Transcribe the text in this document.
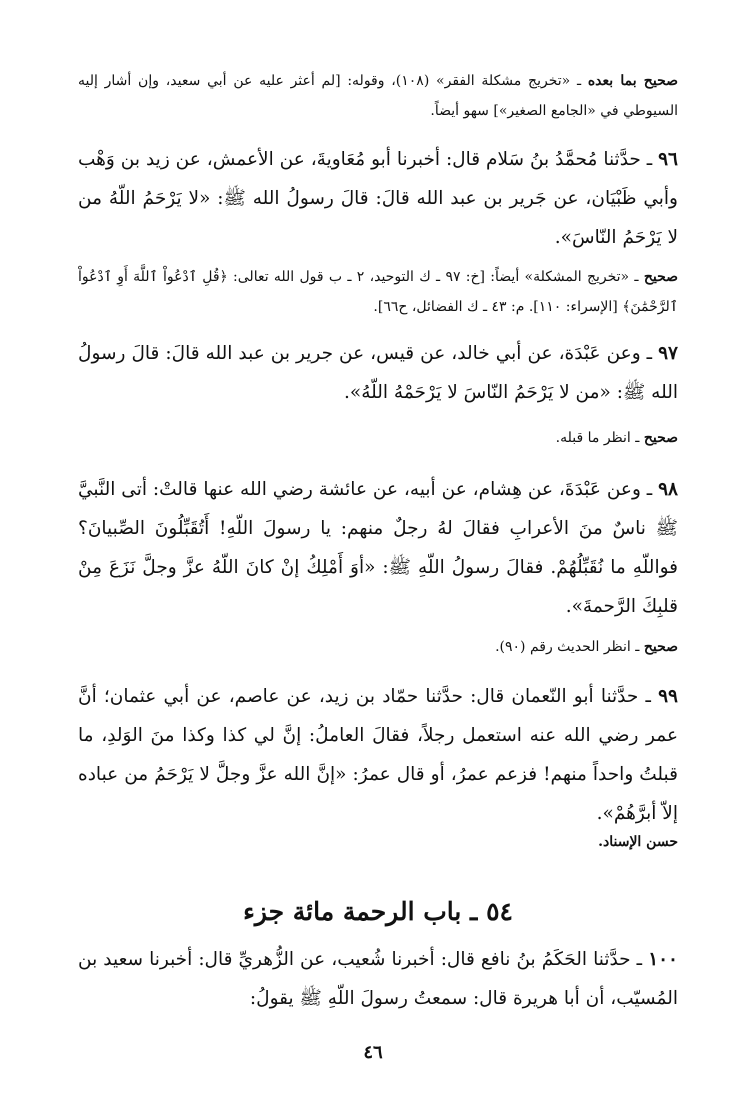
صحيح بما بعده ـ «تخريج مشكلة الفقر» (١٠٨)، وقوله: [لم أعثر عليه عن أبي سعيد، وإن أشار إليه السيوطي في «الجامع الصغير»] سهو أيضاً.
٩٦ ـ حدَّثنا مُحمَّدُ بنُ سَلام قال: أخبرنا أبو مُعَاويةَ، عن الأعمش، عن زيد بن وَهْب وأبي ظَبْيَان، عن جَرير بن عبد الله قالَ: قالَ رسولُ الله ﷺ: «لا يَرْحَمُ اللّهُ من لا يَرْحَمُ النّاسَ».
صحيح ـ «تخريج المشكلة» أيضاً: [خ: ٩٧ ـ ك التوحيد، ٢ ـ ب قول الله تعالى: ﴿قُلِ ٱدْعُواْ ٱللَّهَ أَوِ ٱدْعُواْ ٱلرَّحْمَٰنَ﴾ [الإسراء: ١١٠]. م: ٤٣ ـ ك الفضائل، ح٦٦].
٩٧ ـ وعن عَبْدَة، عن أبي خالد، عن قيس، عن جرير بن عبد الله قالَ: قالَ رسولُ الله ﷺ: «من لا يَرْحَمُ النّاسَ لا يَرْحَمْهُ اللّهُ».
صحيح ـ انظر ما قبله.
٩٨ ـ وعن عَبْدَةَ، عن هِشام، عن أبيه، عن عائشة رضي الله عنها قالتْ: أتى النَّبيَّ ﷺ ناسٌ منَ الأعرابِ فقالَ لهُ رجلٌ منهم: يا رسولَ اللّهِ! أَتُقَبِّلُونَ الصِّبيانَ؟ فواللّهِ ما نُقَبِّلُهُمْ. فقالَ رسولُ اللّهِ ﷺ: «أوَ أَمْلِكُ إنْ كانَ اللّهُ عزَّ وجلَّ نَزَعَ مِنْ قلبِكَ الرَّحمةَ».
صحيح ـ انظر الحديث رقم (٩٠).
٩٩ ـ حدَّثنا أبو النّعمان قال: حدَّثنا حمّاد بن زيد، عن عاصم، عن أبي عثمان؛ أنَّ عمر رضي الله عنه استعمل رجلاً، فقالَ العاملُ: إنَّ لي كذا وكذا منَ الوَلدِ، ما قبلتُ واحداً منهم! فزعم عمرُ، أو قال عمرُ: «إنَّ الله عزَّ وجلَّ لا يَرْحَمُ من عباده إلاّ أبرَّهُمْ».
حسن الإسناد.
٥٤ ـ باب الرحمة مائة جزء
١٠٠ ـ حدَّثنا الحَكَمُ بنُ نافع قال: أخبرنا شُعيب، عن الزُّهريِّ قال: أخبرنا سعيد بن المُسيّب، أن أبا هريرة قال: سمعتُ رسولَ اللّهِ ﷺ يقولُ:
٤٦
